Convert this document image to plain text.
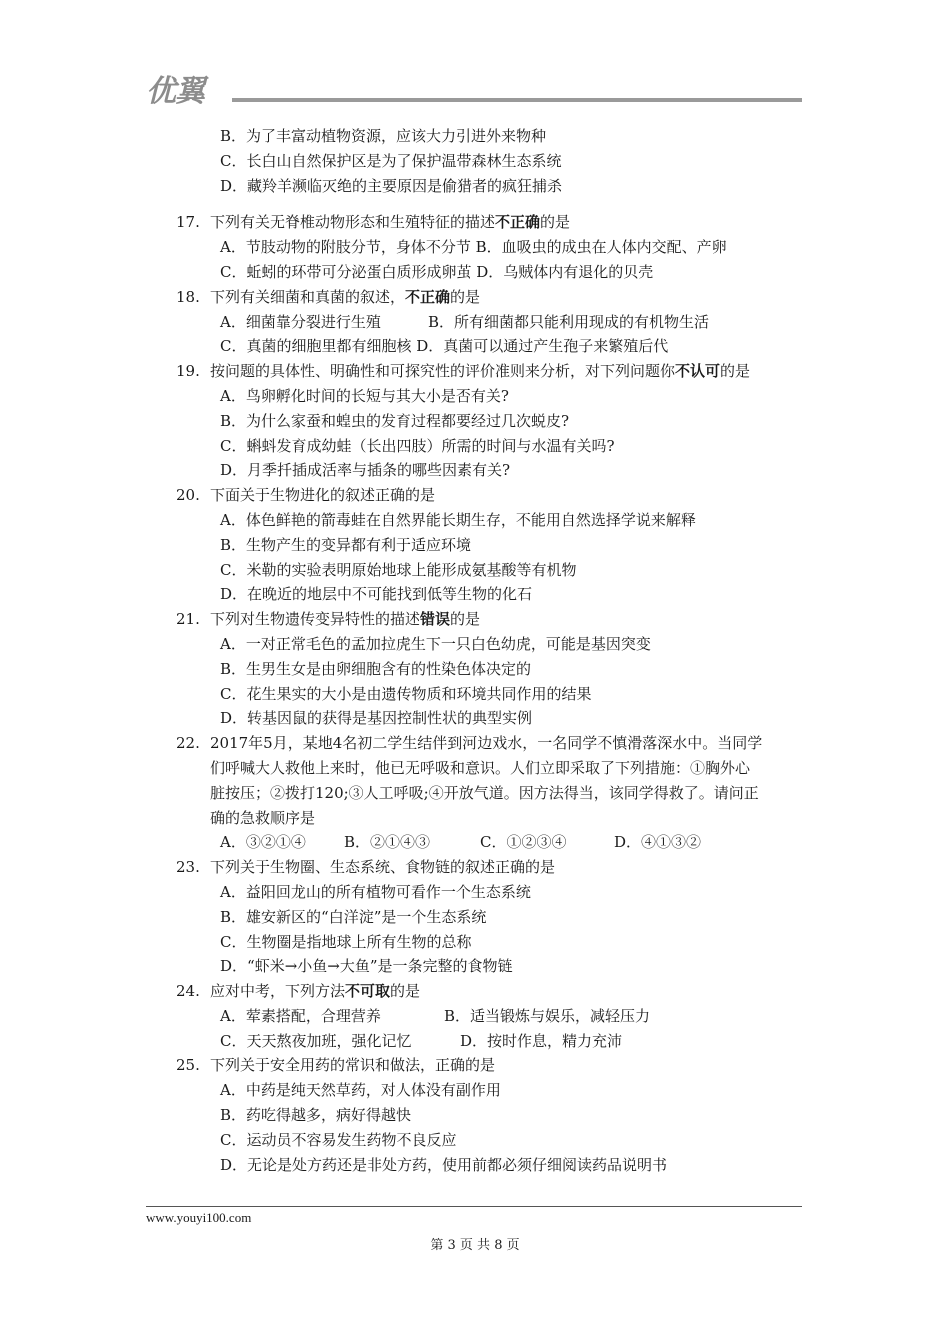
优翼
B．为了丰富动植物资源，应该大力引进外来物种
C．长白山自然保护区是为了保护温带森林生态系统
D．藏羚羊濒临灭绝的主要原因是偷猎者的疯狂捕杀
17. 下列有关无脊椎动物形态和生殖特征的描述不正确的是
A．节肢动物的附肢分节，身体不分节 B．血吸虫的成虫在人体内交配、产卵
C．蚯蚓的环带可分泌蛋白质形成卵茧 D．乌贼体内有退化的贝壳
18. 下列有关细菌和真菌的叙述，不正确的是
A．细菌靠分裂进行生殖	B．所有细菌都只能利用现成的有机物生活
C．真菌的细胞里都有细胞核 D．真菌可以通过产生孢子来繁殖后代
19. 按问题的具体性、明确性和可探究性的评价准则来分析，对下列问题你不认可的是
A．鸟卵孵化时间的长短与其大小是否有关?
B．为什么家蚕和蝗虫的发育过程都要经过几次蜕皮?
C．蝌蚪发育成幼蛙（长出四肢）所需的时间与水温有关吗?
D．月季扦插成活率与插条的哪些因素有关?
20. 下面关于生物进化的叙述正确的是
A．体色鲜艳的箭毒蛙在自然界能长期生存，不能用自然选择学说来解释
B．生物产生的变异都有利于适应环境
C．米勒的实验表明原始地球上能形成氨基酸等有机物
D．在晚近的地层中不可能找到低等生物的化石
21. 下列对生物遗传变异特性的描述错误的是
A．一对正常毛色的孟加拉虎生下一只白色幼虎，可能是基因突变
B．生男生女是由卵细胞含有的性染色体决定的
C．花生果实的大小是由遗传物质和环境共同作用的结果
D．转基因鼠的获得是基因控制性状的典型实例
22. 2017年5月，某地4名初二学生结伴到河边戏水，一名同学不慎滑落深水中。当同学
们呼喊大人救他上来时，他已无呼吸和意识。人们立即采取了下列措施：①胸外心
脏按压；②拨打120;③人工呼吸;④开放气道。因方法得当，该同学得救了。请问正
确的急救顺序是
A．③②①④	B．②①④③	C．①②③④	D．④①③②
23. 下列关于生物圈、生态系统、食物链的叙述正确的是
A．益阳回龙山的所有植物可看作一个生态系统
B．雄安新区的“白洋淀”是一个生态系统
C．生物圈是指地球上所有生物的总称
D．“虾米→小鱼→大鱼”是一条完整的食物链
24. 应对中考，下列方法不可取的是
A．荤素搭配，合理营养	B．适当锻炼与娱乐，减轻压力
C．天天熬夜加班，强化记忆	D．按时作息，精力充沛
25. 下列关于安全用药的常识和做法，正确的是
A．中药是纯天然草药，对人体没有副作用
B．药吃得越多，病好得越快
C．运动员不容易发生药物不良反应
D．无论是处方药还是非处方药，使用前都必须仔细阅读药品说明书
www.youyi100.com
第 3 页 共 8 页
